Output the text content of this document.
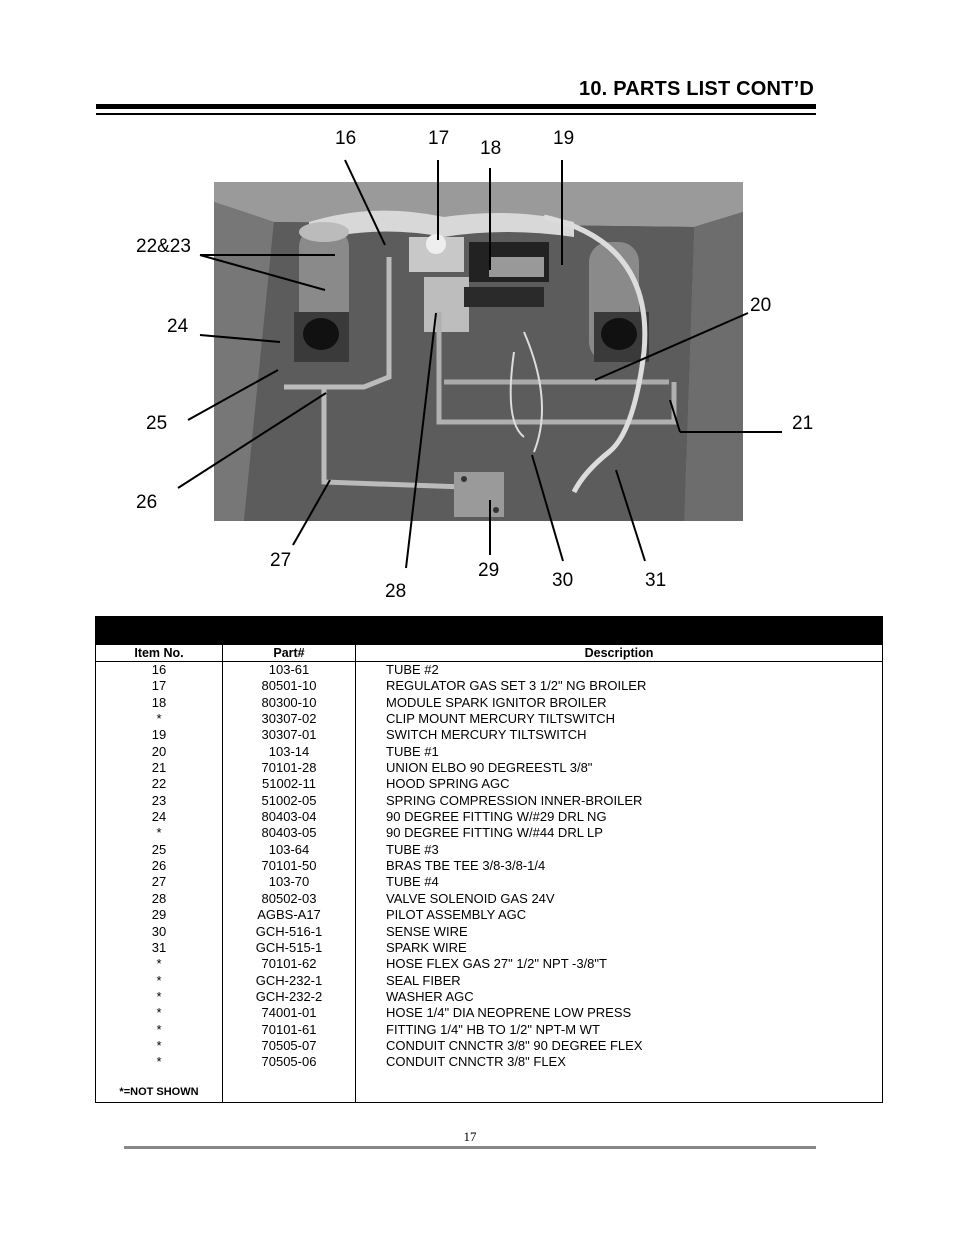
10. PARTS LIST CONT’D
16	17 18	19
22&23
24
20
25	21
26
27
28
29	30	31
Item No.	Part#	Description
16	103-61	TUBE #2
17	80501-10	REGULATOR GAS SET 3 1/2" NG BROILER
18	80300-10	MODULE SPARK IGNITOR BROILER
*	30307-02	CLIP MOUNT MERCURY TILTSWITCH
19	30307-01	SWITCH MERCURY TILTSWITCH
20	103-14	TUBE #1
21	70101-28	UNION ELBO 90 DEGREESTL 3/8"
22	51002-11	HOOD SPRING AGC
23	51002-05	SPRING COMPRESSION INNER-BROILER
24	80403-04	90 DEGREE FITTING W/#29 DRL NG
*	80403-05	90 DEGREE FITTING W/#44 DRL LP
25	103-64	TUBE #3
26	70101-50	BRAS TBE TEE 3/8-3/8-1/4
27	103-70	TUBE #4
28	80502-03	VALVE SOLENOID GAS 24V
29	AGBS-A17	PILOT ASSEMBLY AGC
30	GCH-516-1	SENSE WIRE
31	GCH-515-1	SPARK WIRE
*	70101-62	HOSE FLEX GAS 27" 1/2" NPT -3/8"T
*	GCH-232-1	SEAL FIBER
*	GCH-232-2	WASHER AGC
*	74001-01	HOSE 1/4" DIA NEOPRENE LOW PRESS
*	70101-61	FITTING 1/4" HB TO 1/2" NPT-M WT
*	70505-07	CONDUIT CNNCTR 3/8" 90 DEGREE FLEX
*	70505-06	CONDUIT CNNCTR 3/8" FLEX
*=NOT SHOWN
17
